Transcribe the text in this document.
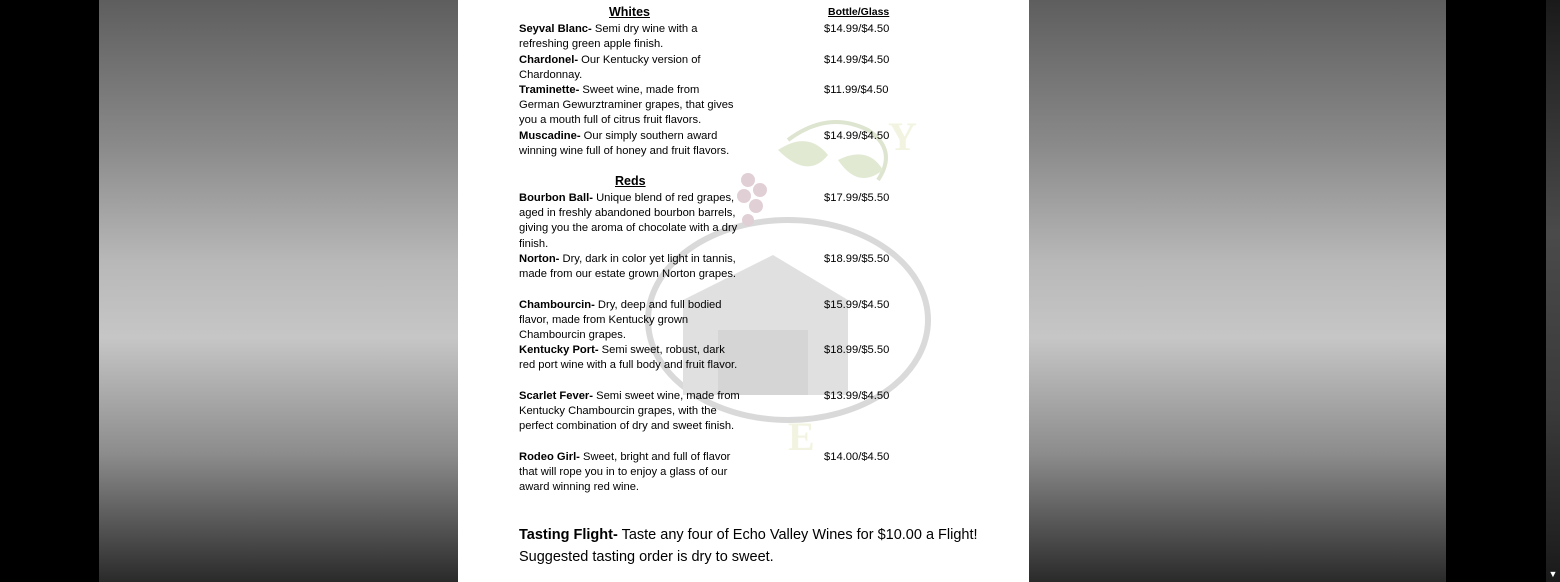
Y
E
Whites	Bottle/Glass
Seyval Blanc- Semi dry wine with a refreshing green apple finish.
$14.99/$4.50
Chardonel- Our Kentucky version of Chardonnay.
$14.99/$4.50
Traminette- Sweet wine, made from German Gewurztraminer grapes, that gives you a mouth full of citrus fruit flavors.
$11.99/$4.50
Muscadine- Our simply southern award winning wine full of honey and fruit flavors.
$14.99/$4.50
Reds
Bourbon Ball- Unique blend of red grapes, aged in freshly abandoned bourbon barrels, giving you the aroma of chocolate with a dry finish.
$17.99/$5.50
Norton- Dry, dark in color yet light in tannis, made from our estate grown Norton grapes.
$18.99/$5.50
Chambourcin- Dry, deep and full bodied flavor, made from Kentucky grown Chambourcin grapes.
$15.99/$4.50
Kentucky Port- Semi sweet, robust, dark red port wine with a full body and fruit flavor.
$18.99/$5.50
Scarlet Fever- Semi sweet wine, made from Kentucky Chambourcin grapes, with the perfect combination of dry and sweet finish.
$13.99/$4.50
Rodeo Girl- Sweet, bright and full of flavor that will rope you in to enjoy a glass of our award winning red wine.
$14.00/$4.50
Tasting Flight- Taste any four of Echo Valley Wines for $10.00 a Flight!
Suggested tasting order is dry to sweet.
▼
